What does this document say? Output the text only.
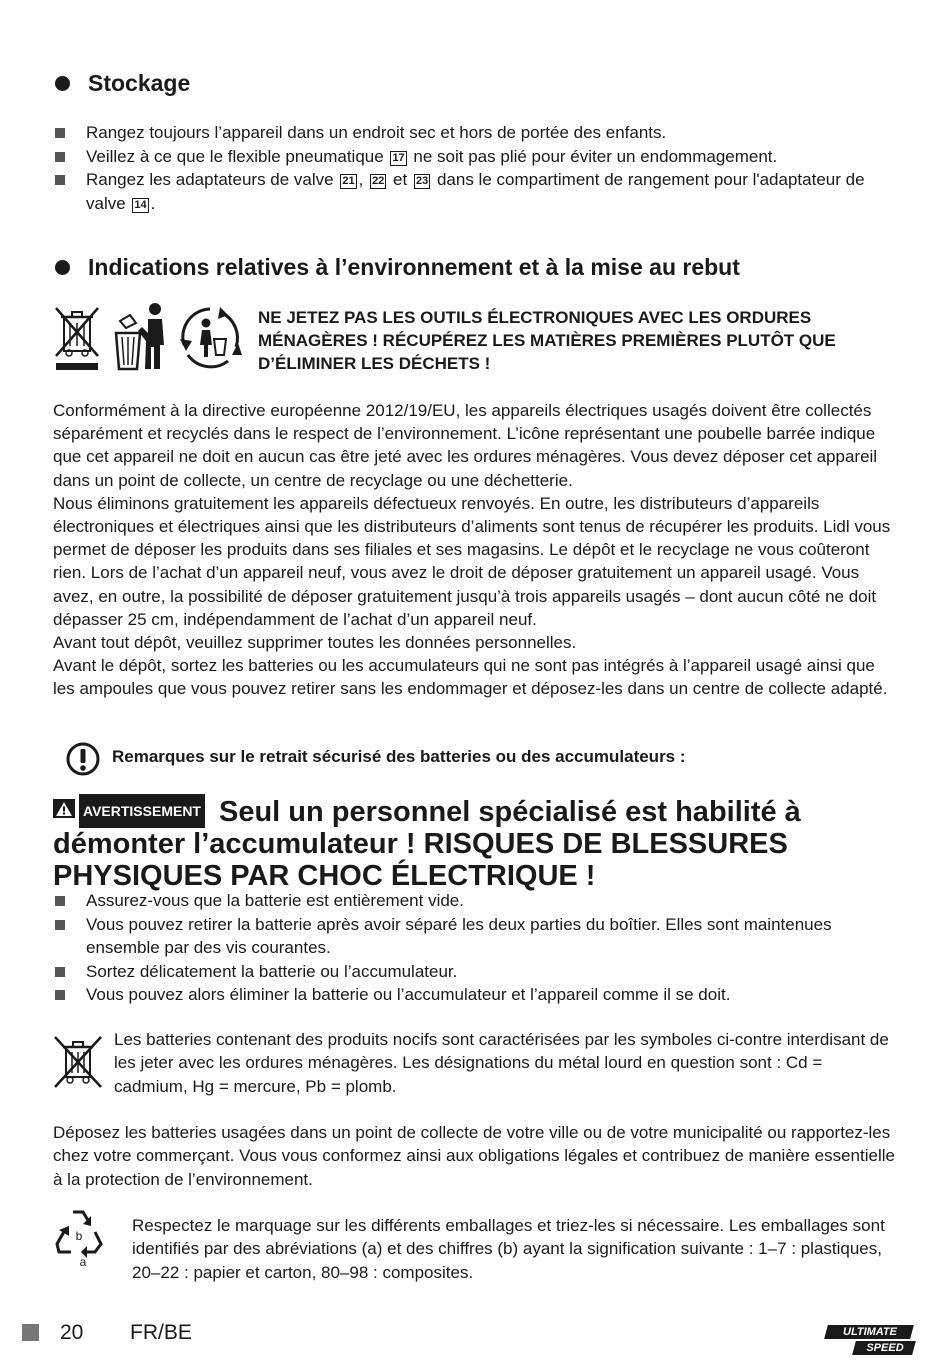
Stockage
Rangez toujours l’appareil dans un endroit sec et hors de portée des enfants.
Veillez à ce que le flexible pneumatique 17 ne soit pas plié pour éviter un endommagement.
Rangez les adaptateurs de valve 21 , 22 et 23 dans le compartiment de rangement pour l'adaptateur de valve 14 .
Indications relatives à l’environnement et à la mise au rebut
NE JETEZ PAS LES OUTILS ÉLECTRONIQUES AVEC LES ORDURES MÉNAGÈRES ! RÉCUPÉREZ LES MATIÈRES PREMIÈRES PLUTÔT QUE D’ÉLIMINER LES DÉCHETS !

Conformément à la directive européenne 2012/19/EU, les appareils électriques usagés doivent être collectés séparément et recyclés dans le respect de l’environnement. L’icône représentant une poubelle barrée indique que cet appareil ne doit en aucun cas être jeté avec les ordures ménagères. Vous devez déposer cet appareil dans un point de collecte, un centre de recyclage ou une déchetterie.

Nous éliminons gratuitement les appareils défectueux renvoyés. En outre, les distributeurs d’appareils électroniques et électriques ainsi que les distributeurs d’aliments sont tenus de récupérer les produits. Lidl vous permet de déposer les produits dans ses filiales et ses magasins. Le dépôt et le recyclage ne vous coûteront rien. Lors de l’achat d’un appareil neuf, vous avez le droit de déposer gratuitement un appareil usagé. Vous avez, en outre, la possibilité de déposer gratuitement jusqu’à trois appareils usagés – dont aucun côté ne doit dépasser 25 cm, indépendamment de l’achat d’un appareil neuf.

Avant tout dépôt, veuillez supprimer toutes les données personnelles.

Avant le dépôt, sortez les batteries ou les accumulateurs qui ne sont pas intégrés à l’appareil usagé ainsi que les ampoules que vous pouvez retirer sans les endommager et déposez-les dans un centre de collecte adapté.

Remarques sur le retrait sécurisé des batteries ou des accumulateurs :
AVERTISSEMENT Seul un personnel spécialisé est habilité à démonter l’accumulateur ! RISQUES DE BLESSURES PHYSIQUES PAR CHOC ÉLECTRIQUE !
Assurez-vous que la batterie est entièrement vide.
Vous pouvez retirer la batterie après avoir séparé les deux parties du boîtier. Elles sont maintenues ensemble par des vis courantes.
Sortez délicatement la batterie ou l’accumulateur.
Vous pouvez alors éliminer la batterie ou l’accumulateur et l’appareil comme il se doit.

Les batteries contenant des produits nocifs sont caractérisées par les symboles ci-contre interdisant de les jeter avec les ordures ménagères. Les désignations du métal lourd en question sont : Cd = cadmium, Hg = mercure, Pb = plomb.

Déposez les batteries usagées dans un point de collecte de votre ville ou de votre municipalité ou rapportez-les chez votre commerçant. Vous vous conformez ainsi aux obligations légales et contribuez de manière essentielle à la protection de l’environnement.

b
a

Respectez le marquage sur les différents emballages et triez-les si nécessaire. Les emballages sont identifiés par des abréviations (a) et des chiffres (b) ayant la signification suivante : 1–7 : plastiques, 20–22 : papier et carton, 80–98 : composites.

20 FR/BE	ULTIMATE
SPEED
